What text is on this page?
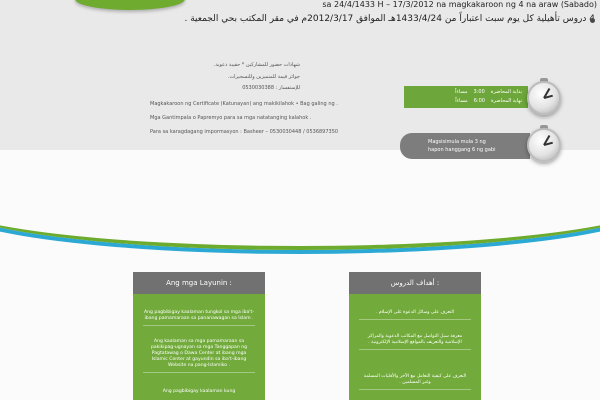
(sa 24/4/1433 H – 17/3/2012 na magkakaroon ng 4 na araw (Sabado
دروس تأهيلية كل يوم سبت اعتباراً من 1433/4/24هـ الموافق 2012/3/17م في مقر المكتب بحي الجمعية .
شهادات حضور للمشاركين * حقيبة دعوية.
جوائز قيمة للمتميزين وللتسجيرات.
للإستفسار : 0530030388
Magkakaroon ng Certificate (Katunayan) ang makikilahok • Bag galing ng .
Mga Gantimpala o Papremyo para sa mga natatanging kalahok .
Para sa karagdagang impormasyon : Basheer – 0530030448 / 0536897350
مساءاً 3:00 بداية المحاضرة
مساءاً 6:00 نهاية المحاضرة
Magsisimula mula 3 ng
hapon hanggang 6 ng gabi
Ang mga Layunin :
Ang pagbibigay kaalaman tungkol sa mga iba't-ibang pamamaraan sa pananawagan sa Islam .
Ang kaalaman sa mga pamamaraan sa pakikipag-ugnayan sa mga Tanggapan ng Pagtatawag o Dawa Center at ibang mga Islamic Center at gayundin sa iba't-ibang Website na pang-Islamiko .
Ang pagbibigay kaalaman kung
أهداف الدروس :
التعرف على وسائل الدعوة على الإسلام .
معرفة سبل التواصل مع المكاتب الدعوية والمراكز الإسلامية والتعريف بالمواقع الإسلامية الإلكترونية .
التعرف على كيفية التعامل مع الآخر والأقليات المسلمة وغير المسلمين .
